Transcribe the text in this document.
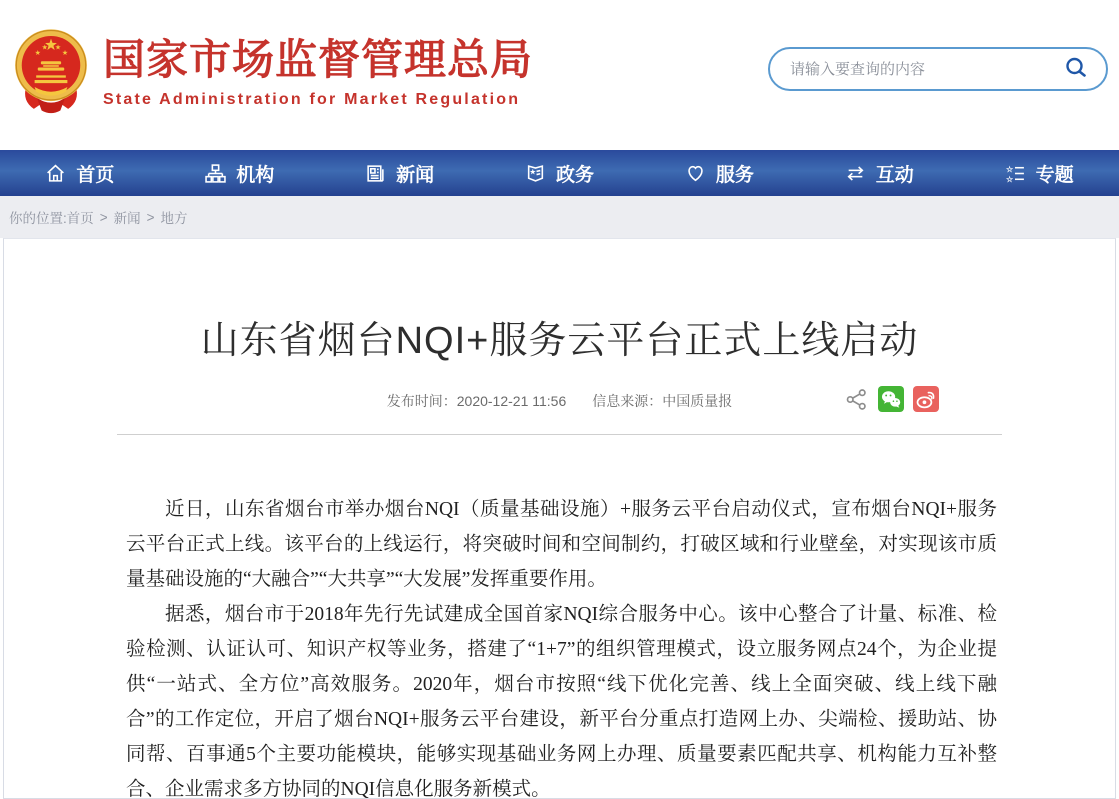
★
★ ★
★ 国家市场监督管理总局
State Administration for Market Regulation
请输入要查询的内容
首页	机构	新闻	★ 政务	服务	互动	☆
☆ 专题
你的位置: 首页 > 新闻 > 地方
山东省烟台NQI+服务云平台正式上线启动
发布时间：2020-12-21 11:56 信息来源：中国质量报

近日，山东省烟台市举办烟台NQI（质量基础设施）+服务云平台启动仪式，宣布烟台NQI+服务云平台正式上线。该平台的上线运行，将突破时间和空间制约，打破区域和行业壁垒，对实现该市质量基础设施的“大融合”“大共享”“大发展”发挥重要作用。

据悉，烟台市于2018年先行先试建成全国首家NQI综合服务中心。该中心整合了计量、标准、检验检测、认证认可、知识产权等业务，搭建了“1+7”的组织管理模式，设立服务网点24个，为企业提供“一站式、全方位”高效服务。2020年，烟台市按照“线下优化完善、线上全面突破、线上线下融合”的工作定位，开启了烟台NQI+服务云平台建设，新平台分重点打造网上办、尖端检、援助站、协同帮、百事通5个主要功能模块，能够实现基础业务网上办理、质量要素匹配共享、机构能力互补整合、企业需求多方协同的NQI信息化服务新模式。
